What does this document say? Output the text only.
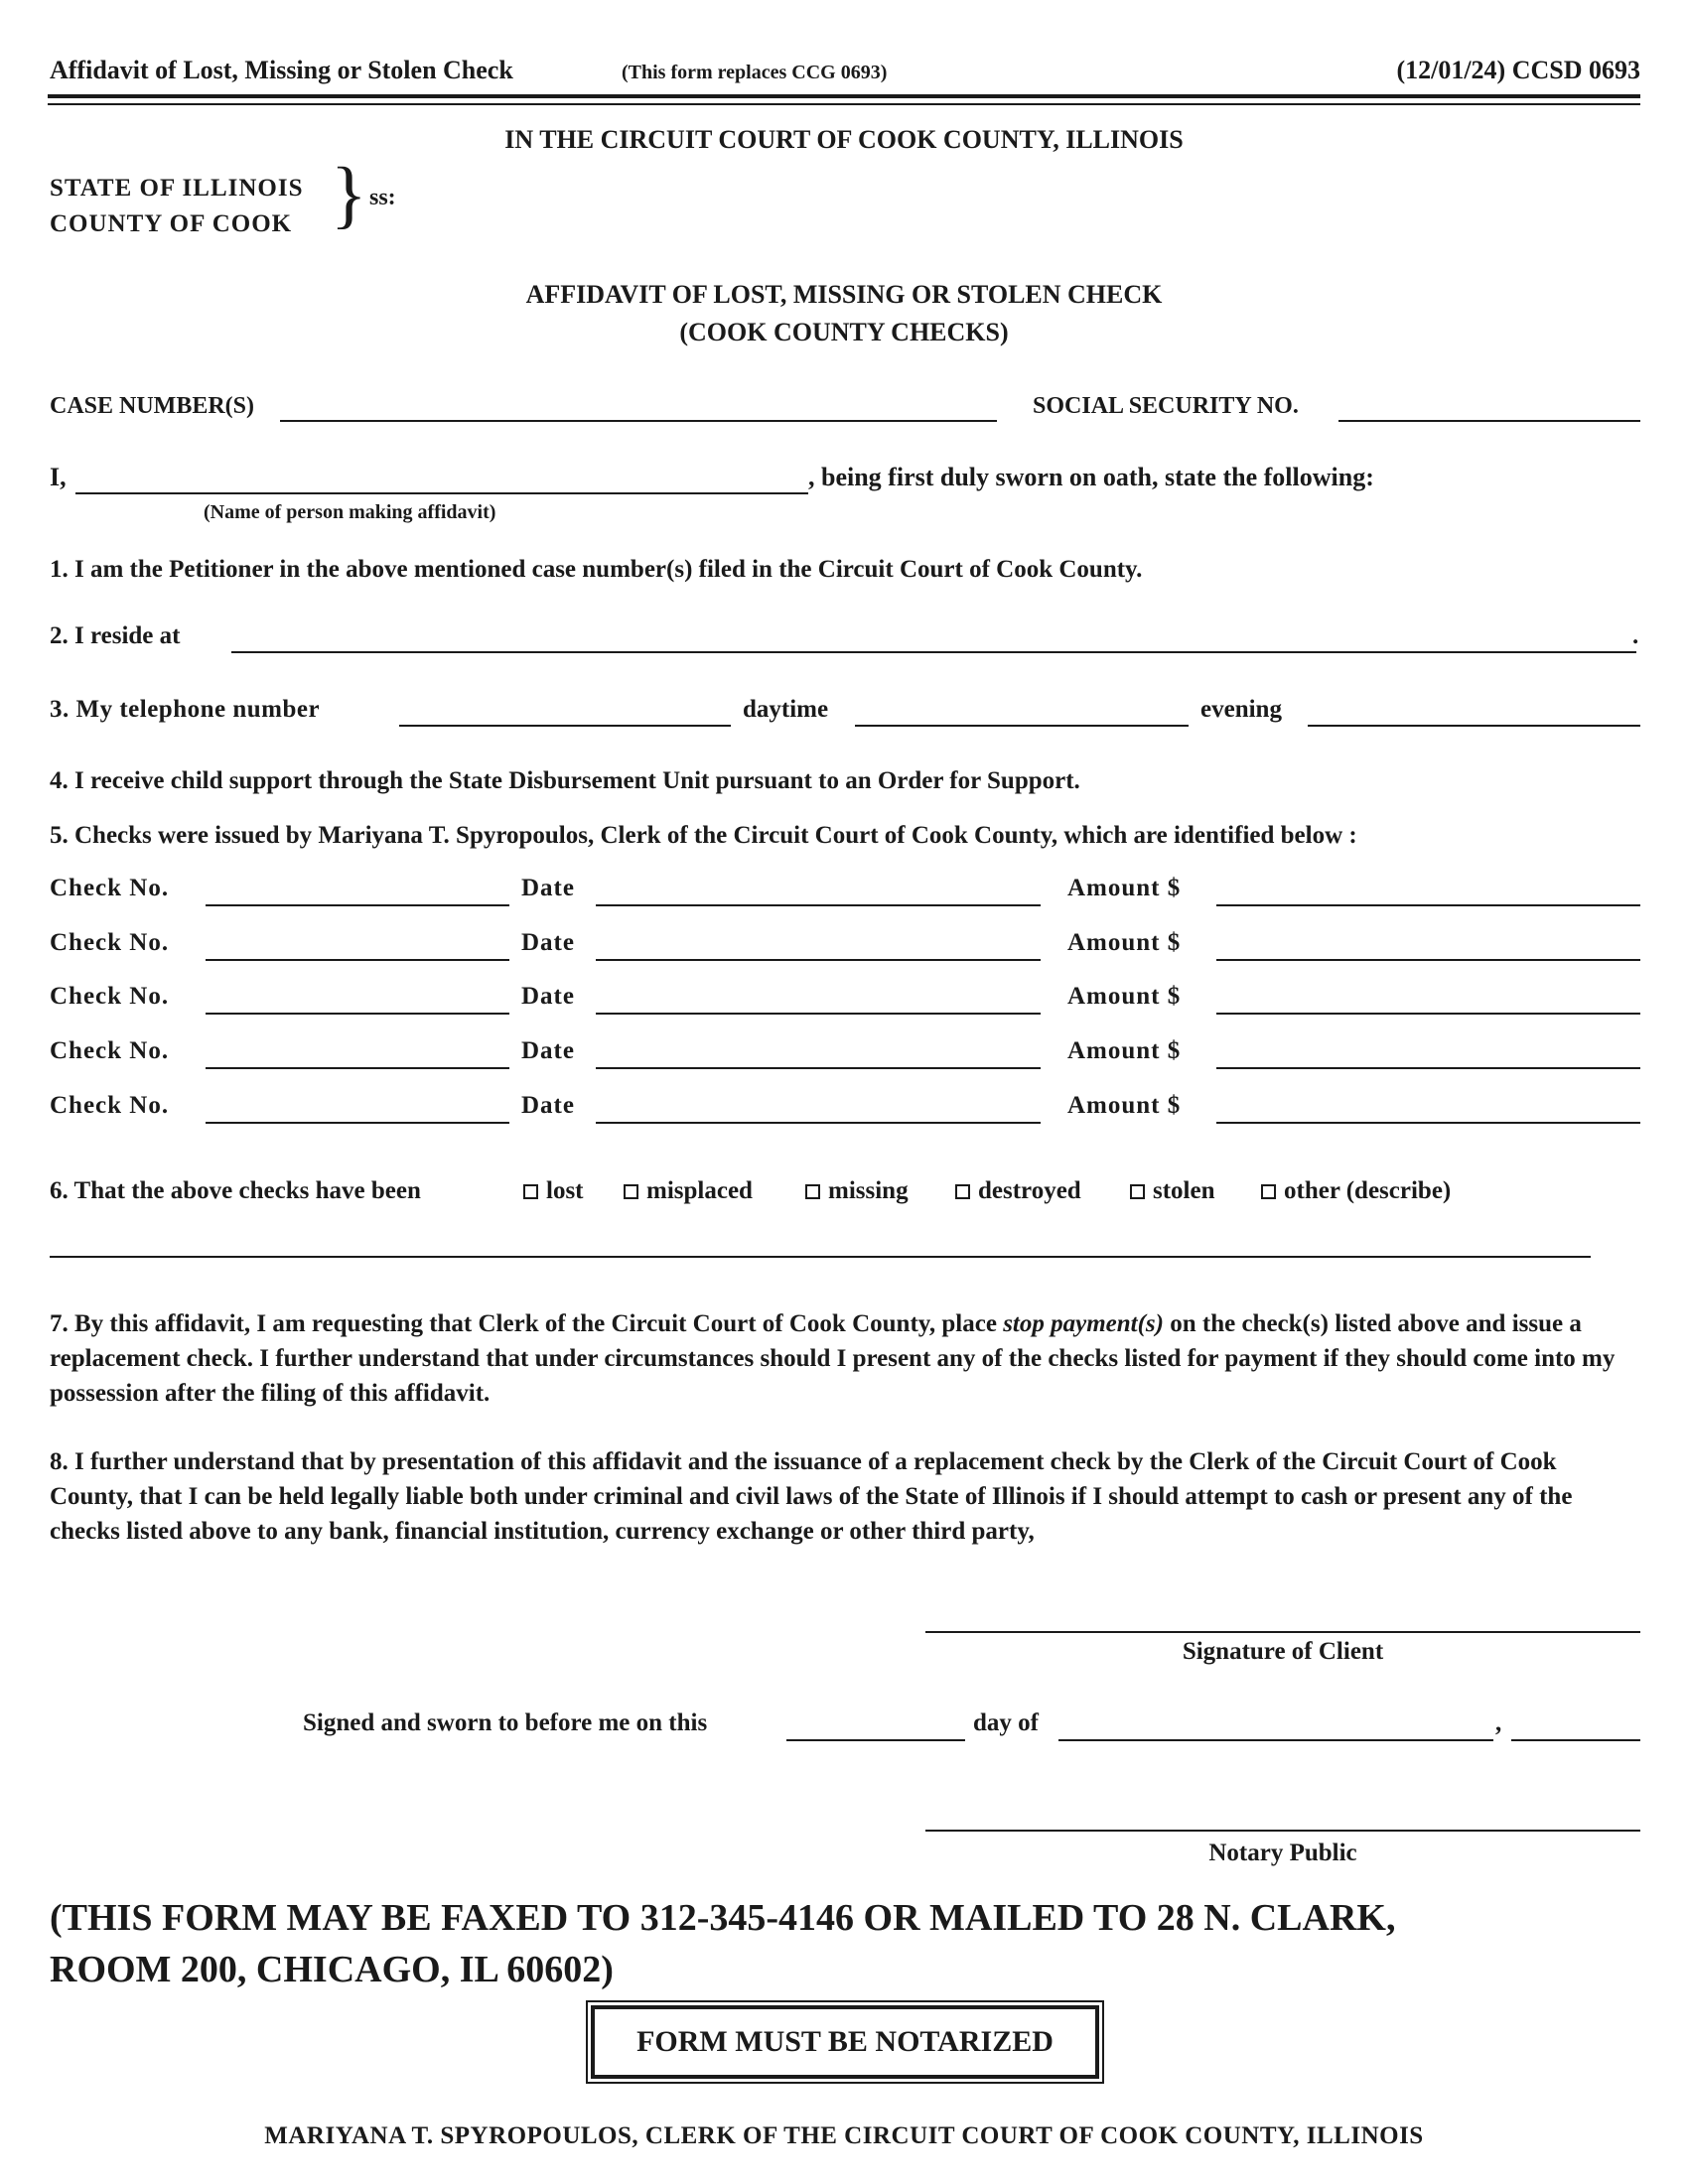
Affidavit of Lost, Missing or Stolen Check	(This form replaces CCG 0693)	(12/01/24) CCSD 0693
IN THE CIRCUIT COURT OF COOK COUNTY, ILLINOIS
STATE OF ILLINOIS
COUNTY OF COOK } ss:
AFFIDAVIT OF LOST, MISSING OR STOLEN CHECK
(COOK COUNTY CHECKS)
CASE NUMBER(S)	SOCIAL SECURITY NO.
I,	, being first duly sworn on oath, state the following:
(Name of person making affidavit)
1. I am the Petitioner in the above mentioned case number(s) filed in the Circuit Court of Cook County.
2. I reside at	.
3. My telephone number	daytime	evening
4. I receive child support through the State Disbursement Unit pursuant to an Order for Support.
5. Checks were issued by Mariyana T. Spyropoulos, Clerk of the Circuit Court of Cook County, which are identified below :
Check No.	Date	Amount $
Check No.	Date	Amount $
Check No.	Date	Amount $
Check No.	Date	Amount $
Check No.	Date	Amount $
6. That the above checks have been	lost	misplaced	missing	destroyed	stolen	other (describe)
7. By this affidavit, I am requesting that Clerk of the Circuit Court of Cook County, place stop payment(s) on the check(s) listed above and issue a replacement check. I further understand that under circumstances should I present any of the checks listed for payment if they should come into my possession after the filing of this affidavit.
8. I further understand that by presentation of this affidavit and the issuance of a replacement check by the Clerk of the Circuit Court of Cook County, that I can be held legally liable both under criminal and civil laws of the State of Illinois if I should attempt to cash or present any of the checks listed above to any bank, financial institution, currency exchange or other third party,
Signature of Client
Signed and sworn to before me on this	day of	,
Notary Public
(THIS FORM MAY BE FAXED TO 312-345-4146 OR MAILED TO 28 N. CLARK,
ROOM 200, CHICAGO, IL 60602)
FORM MUST BE NOTARIZED
MARIYANA T. SPYROPOULOS, CLERK OF THE CIRCUIT COURT OF COOK COUNTY, ILLINOIS
